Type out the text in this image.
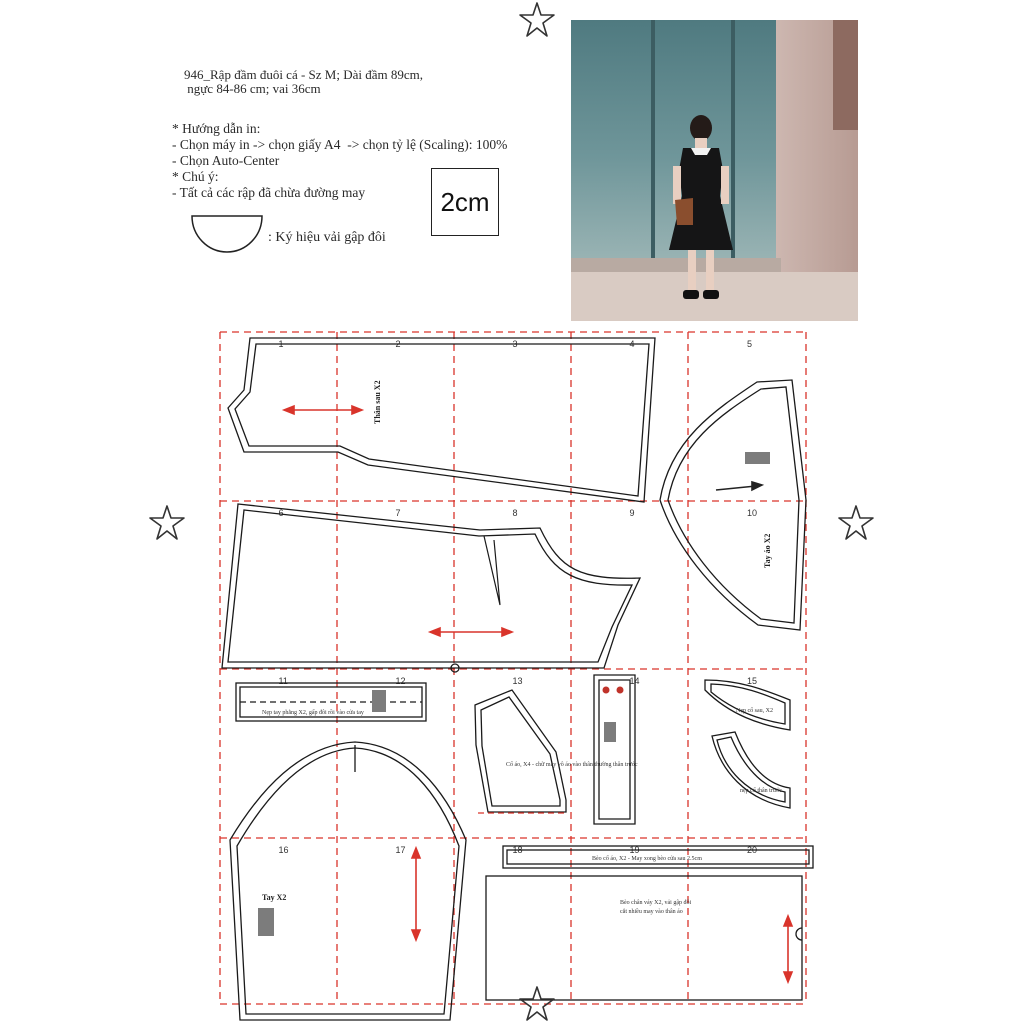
946_Rập đầm đuôi cá - Sz M; Dài đầm 89cm,
ngực 84-86 cm; vai 36cm
* Hướng dẫn in:
- Chọn máy in -> chọn giấy A4  -> chọn tỷ lệ (Scaling): 100%
- Chọn Auto-Center
* Chú ý:
- Tất cả các rập đã chừa đường may	2cm
: Ký hiệu vải gập đôi
1	2	3	4	5
6	7	8	9	10
11	12	13	14	15
16	17	18	19	20
Thân sau X2
Tay áo X2
Nẹp tay phẳng X2, gấp đôi rồi vào cửa tay
Cổ áo, X4 - chữ may vô áo vào thân thường thân trước
Nẹp cổ sau, X2
nẹp cổ thân trước
Tay X2
Bèo cổ áo, X2 - May xong bèo cửa sau 2.5cm
Bèo chân váy X2, vải gập đôi
cắt nhiều may vào thân áo
